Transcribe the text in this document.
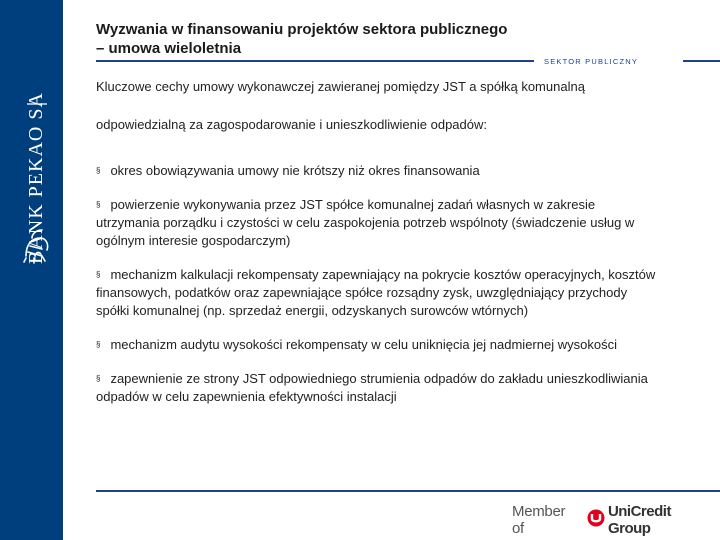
BANK PEKAO SA
Wyzwania w finansowaniu projektów sektora publicznego
– umowa wieloletnia
SEKTOR PUBLICZNY

Kluczowe cechy umowy wykonawczej zawieranej pomiędzy JST a spółką komunalną

odpowiedzialną za zagospodarowanie i unieszkodliwienie odpadów:

§ okres obowiązywania umowy nie krótszy niż okres finansowania
§ powierzenie wykonywania przez JST spółce komunalnej zadań własnych w zakresie utrzymania porządku i czystości w celu zaspokojenia potrzeb wspólnoty (świadczenie usług w ogólnym interesie gospodarczym)
§ mechanizm kalkulacji rekompensaty zapewniający na pokrycie kosztów operacyjnych, kosztów finansowych, podatków oraz zapewniające spółce rozsądny zysk, uwzględniający przychody spółki komunalnej (np. sprzedaż energii, odzyskanych surowców wtórnych)
§ mechanizm audytu wysokości rekompensaty w celu uniknięcia jej nadmiernej wysokości
§ zapewnienie ze strony JST odpowiedniego strumienia odpadów do zakładu unieszkodliwiania odpadów w celu zapewnienia efektywności instalacji
Member of
UniCredit Group
